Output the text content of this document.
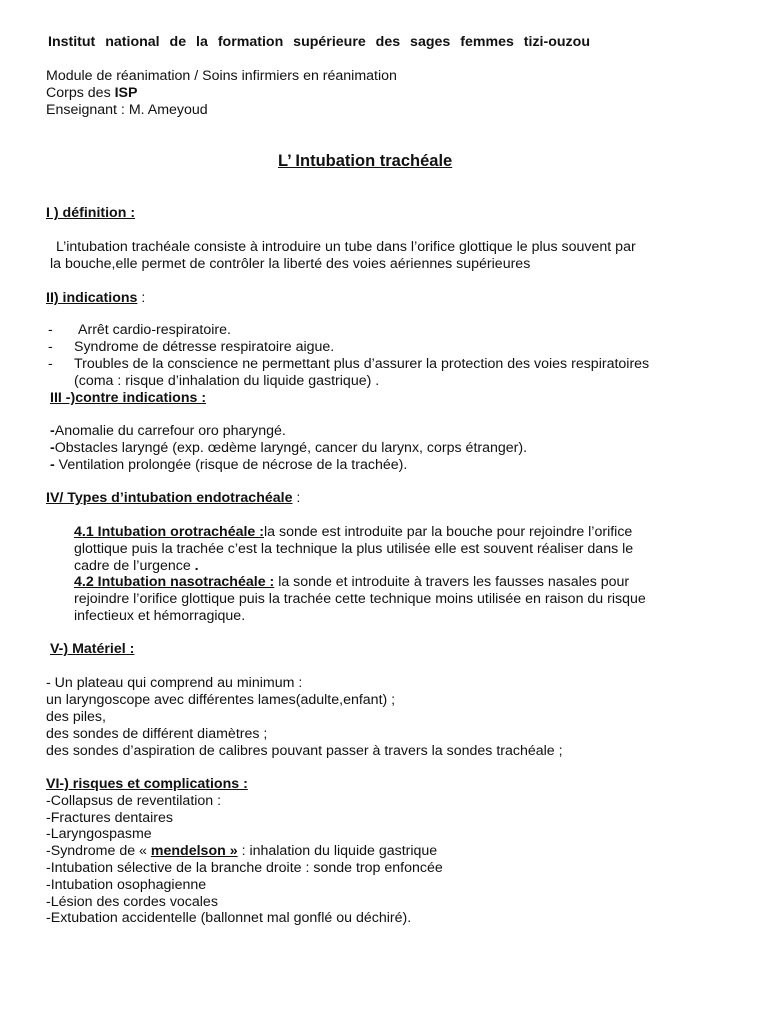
Institut national de la formation supérieure des sages femmes tizi-ouzou
Module de réanimation / Soins infirmiers en réanimation
Corps des ISP
Enseignant : M. Ameyoud
L’ Intubation trachéale
I ) définition :
L’intubation trachéale consiste à introduire un tube dans l’orifice glottique le plus souvent par
la bouche,elle permet de contrôler la liberté des voies aériennes supérieures
II) indications :
- Arrêt cardio-respiratoire.
- Syndrome de détresse respiratoire aigue.
- Troubles de la conscience ne permettant plus d’assurer la protection des voies respiratoires
(coma : risque d’inhalation du liquide gastrique) .
III -)contre indications :
-Anomalie du carrefour oro pharyngé.
-Obstacles laryngé (exp. œdème laryngé, cancer du larynx, corps étranger).
- Ventilation prolongée (risque de nécrose de la trachée).
IV/ Types d’intubation endotrachéale :
4.1 Intubation orotrachéale :la sonde est introduite par la bouche pour rejoindre l’orifice
glottique puis la trachée c’est la technique la plus utilisée elle est souvent réaliser dans le
cadre de l’urgence .
4.2 Intubation nasotrachéale : la sonde et introduite à travers les fausses nasales pour
rejoindre l’orifice glottique puis la trachée cette technique moins utilisée en raison du risque
infectieux et hémorragique.
V-) Matériel :
- Un plateau qui comprend au minimum :
un laryngoscope avec différentes lames(adulte,enfant) ;
des piles,
des sondes de différent diamètres ;
des sondes d’aspiration de calibres pouvant passer à travers la sondes trachéale ;
VI-) risques et complications :
-Collapsus de reventilation :
-Fractures dentaires
-Laryngospasme
-Syndrome de « mendelson » : inhalation du liquide gastrique
-Intubation sélective de la branche droite : sonde trop enfoncée
-Intubation osophagienne
-Lésion des cordes vocales
-Extubation accidentelle (ballonnet mal gonflé ou déchiré).
